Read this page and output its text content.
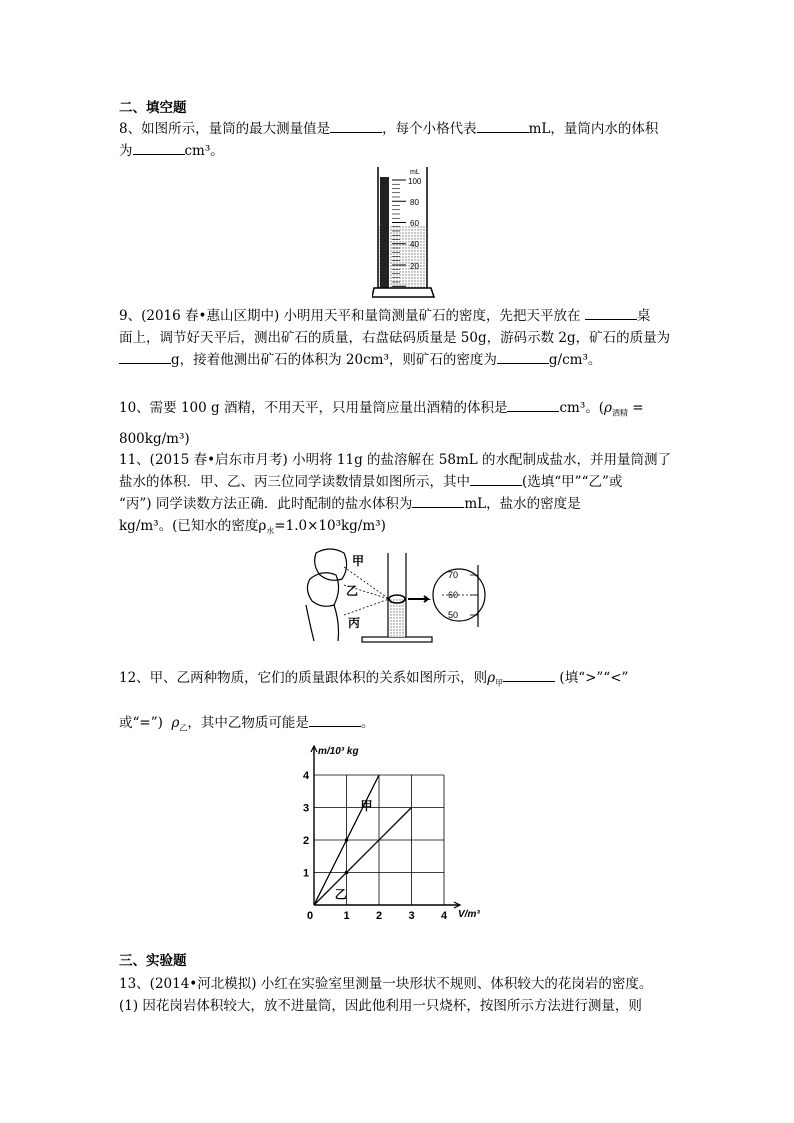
二、填空题
8、如图所示，量筒的最大测量值是	，每个小格代表	mL，量筒内水的体积
为	cm³。
mL
100
80
60
40
20
9、(2016 春•惠山区期中) 小明用天平和量筒测量矿石的密度，先把天平放在	桌
面上，调节好天平后，测出矿石的质量，右盘砝码质量是 50g，游码示数 2g，矿石的质量为
g，接着他测出矿石的体积为 20cm³，则矿石的密度为	g/cm³。
10、需要 100 g 酒精，不用天平，只用量筒应量出酒精的体积是	cm³。($\rho_{酒精}$ =
800kg/m³)
11、(2015 春•启东市月考) 小明将 11g 的盐溶解在 58mL 的水配制成盐水，并用量筒测了
盐水的体积．甲、乙、丙三位同学读数情景如图所示，其中	(选填“甲”“乙”或
“丙”) 同学读数方法正确．此时配制的盐水体积为	mL，盐水的密度是
kg/m³。(已知水的密度$\rho_水=1.0\times 10^3kg/m^3$)
甲
乙
丙
70
60
50
12、甲、乙两种物质，它们的质量跟体积的关系如图所示，则$\rho_甲$	(填“>”“<”
或“=”) $\rho_乙$，其中乙物质可能是	。
0	1 2 3 4
1
2
3
4
m/10³ kg
V/m³
甲
乙
三、实验题
13、(2014•河北模拟) 小红在实验室里测量一块形状不规则、体积较大的花岗岩的密度。
(1) 因花岗岩体积较大，放不进量筒，因此他利用一只烧杯，按图所示方法进行测量，则
